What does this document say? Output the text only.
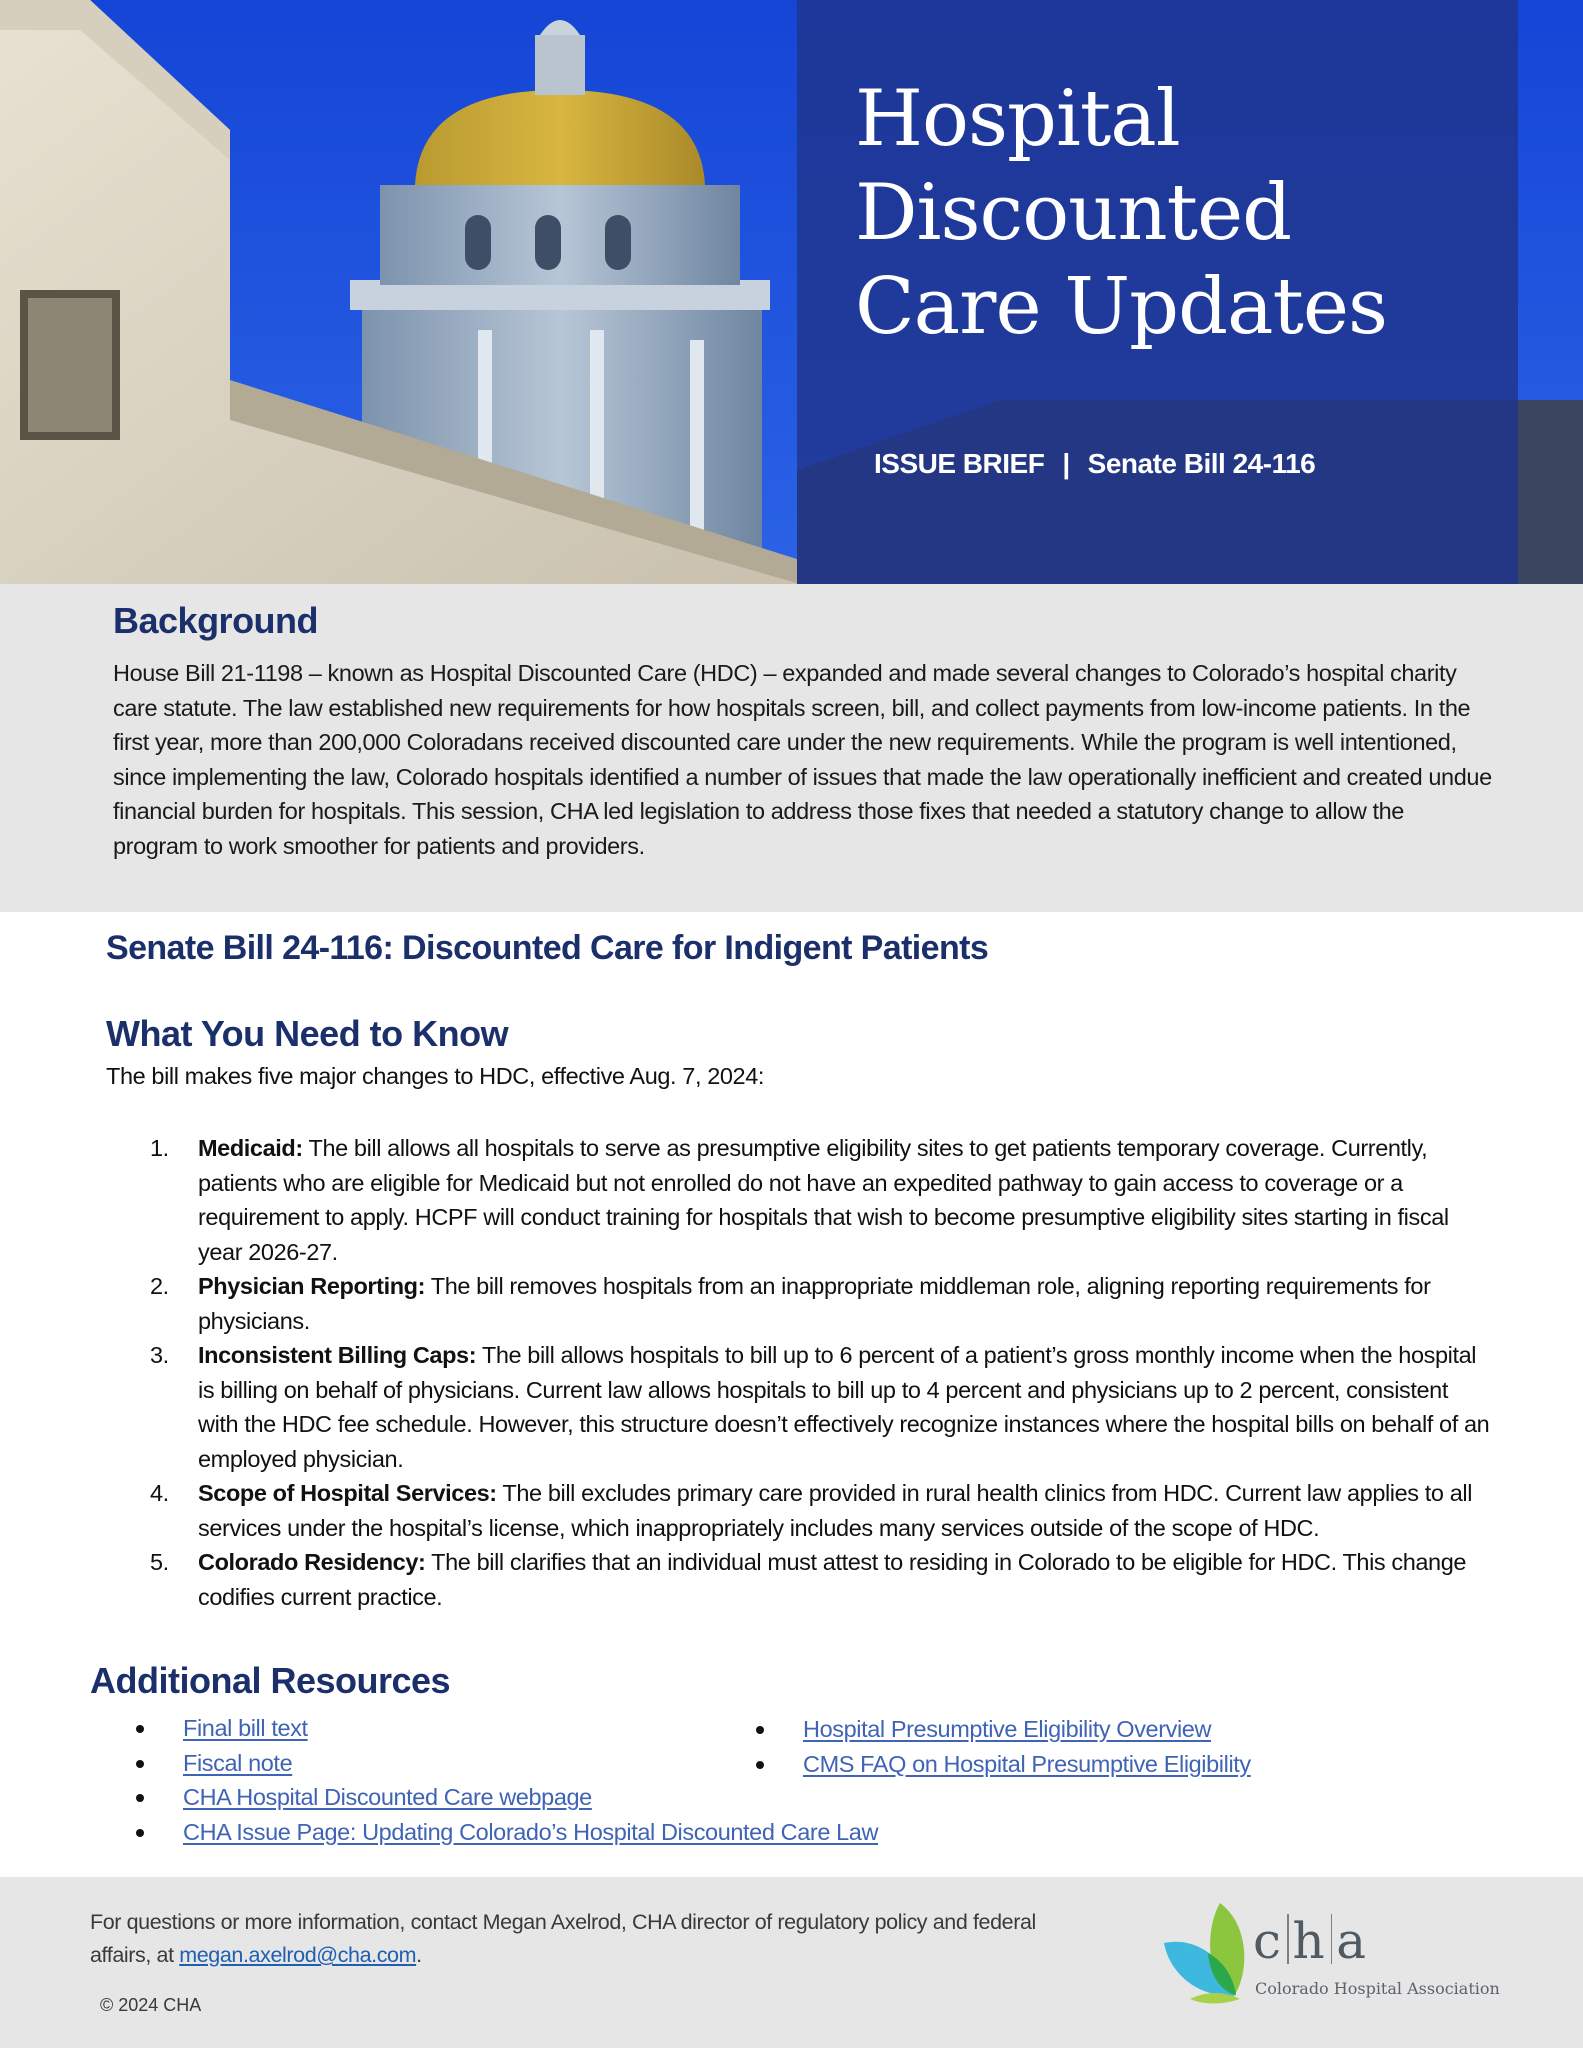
Hospital
Discounted
Care Updates
ISSUE BRIEF | Senate Bill 24-116
Background

House Bill 21-1198 – known as Hospital Discounted Care (HDC) – expanded and made several changes to Colorado’s hospital charity care statute. The law established new requirements for how hospitals screen, bill, and collect payments from low-income patients. In the first year, more than 200,000 Coloradans received discounted care under the new requirements. While the program is well intentioned, since implementing the law, Colorado hospitals identified a number of issues that made the law operationally inefficient and created undue financial burden for hospitals. This session, CHA led legislation to address those fixes that needed a statutory change to allow the program to work smoother for patients and providers.

Senate Bill 24-116: Discounted Care for Indigent Patients
What You Need to Know

The bill makes five major changes to HDC, effective Aug. 7, 2024:

1. Medicaid: The bill allows all hospitals to serve as presumptive eligibility sites to get patients temporary coverage. Currently, patients who are eligible for Medicaid but not enrolled do not have an expedited pathway to gain access to coverage or a requirement to apply. HCPF will conduct training for hospitals that wish to become presumptive eligibility sites starting in fiscal year 2026-27.
2. Physician Reporting: The bill removes hospitals from an inappropriate middleman role, aligning reporting requirements for physicians.
3. Inconsistent Billing Caps: The bill allows hospitals to bill up to 6 percent of a patient’s gross monthly income when the hospital is billing on behalf of physicians. Current law allows hospitals to bill up to 4 percent and physicians up to 2 percent, consistent with the HDC fee schedule. However, this structure doesn’t effectively recognize instances where the hospital bills on behalf of an employed physician.
4. Scope of Hospital Services: The bill excludes primary care provided in rural health clinics from HDC. Current law applies to all services under the hospital’s license, which inappropriately includes many services outside of the scope of HDC.
5. Colorado Residency: The bill clarifies that an individual must attest to residing in Colorado to be eligible for HDC. This change codifies current practice.
Additional Resources
Final bill text
Fiscal note
CHA Hospital Discounted Care webpage
CHA Issue Page: Updating Colorado’s Hospital Discounted Care Law
Hospital Presumptive Eligibility Overview
CMS FAQ on Hospital Presumptive Eligibility

For questions or more information, contact Megan Axelrod, CHA director of regulatory policy and federal affairs, at megan.axelrod@cha.com.

© 2024 CHA
c h a
Colorado Hospital Association
